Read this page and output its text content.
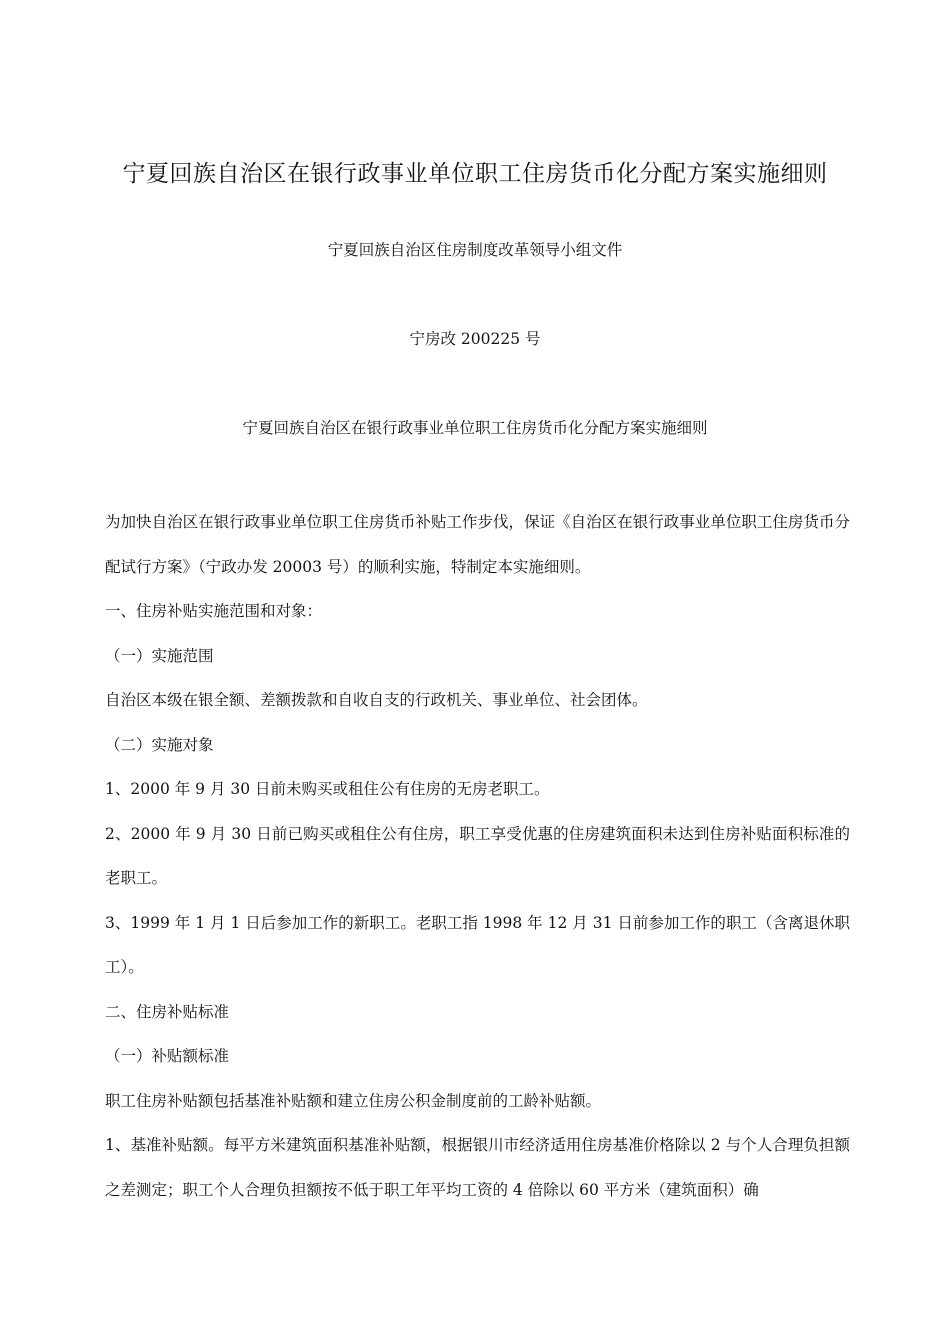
宁夏回族自治区在银行政事业单位职工住房货币化分配方案实施细则
宁夏回族自治区住房制度改革领导小组文件
宁房改 200225 号
宁夏回族自治区在银行政事业单位职工住房货币化分配方案实施细则

为加快自治区在银行政事业单位职工住房货币补贴工作步伐，保证《自治区在银行政事业单位职工住房货币分配试行方案》（宁政办发 20003 号）的顺利实施，特制定本实施细则。

一、住房补贴实施范围和对象：

（一）实施范围

自治区本级在银全额、差额拨款和自收自支的行政机关、事业单位、社会团体。

（二）实施对象

1、2000 年 9 月 30 日前未购买或租住公有住房的无房老职工。

2、2000 年 9 月 30 日前已购买或租住公有住房，职工享受优惠的住房建筑面积未达到住房补贴面积标准的老职工。

3、1999 年 1 月 1 日后参加工作的新职工。老职工指 1998 年 12 月 31 日前参加工作的职工（含离退休职工）。

二、住房补贴标准

（一）补贴额标准

职工住房补贴额包括基准补贴额和建立住房公积金制度前的工龄补贴额。

1、基准补贴额。每平方米建筑面积基准补贴额，根据银川市经济适用住房基准价格除以 2 与个人合理负担额之差测定；职工个人合理负担额按不低于职工年平均工资的 4 倍除以 60 平方米（建筑面积）确
